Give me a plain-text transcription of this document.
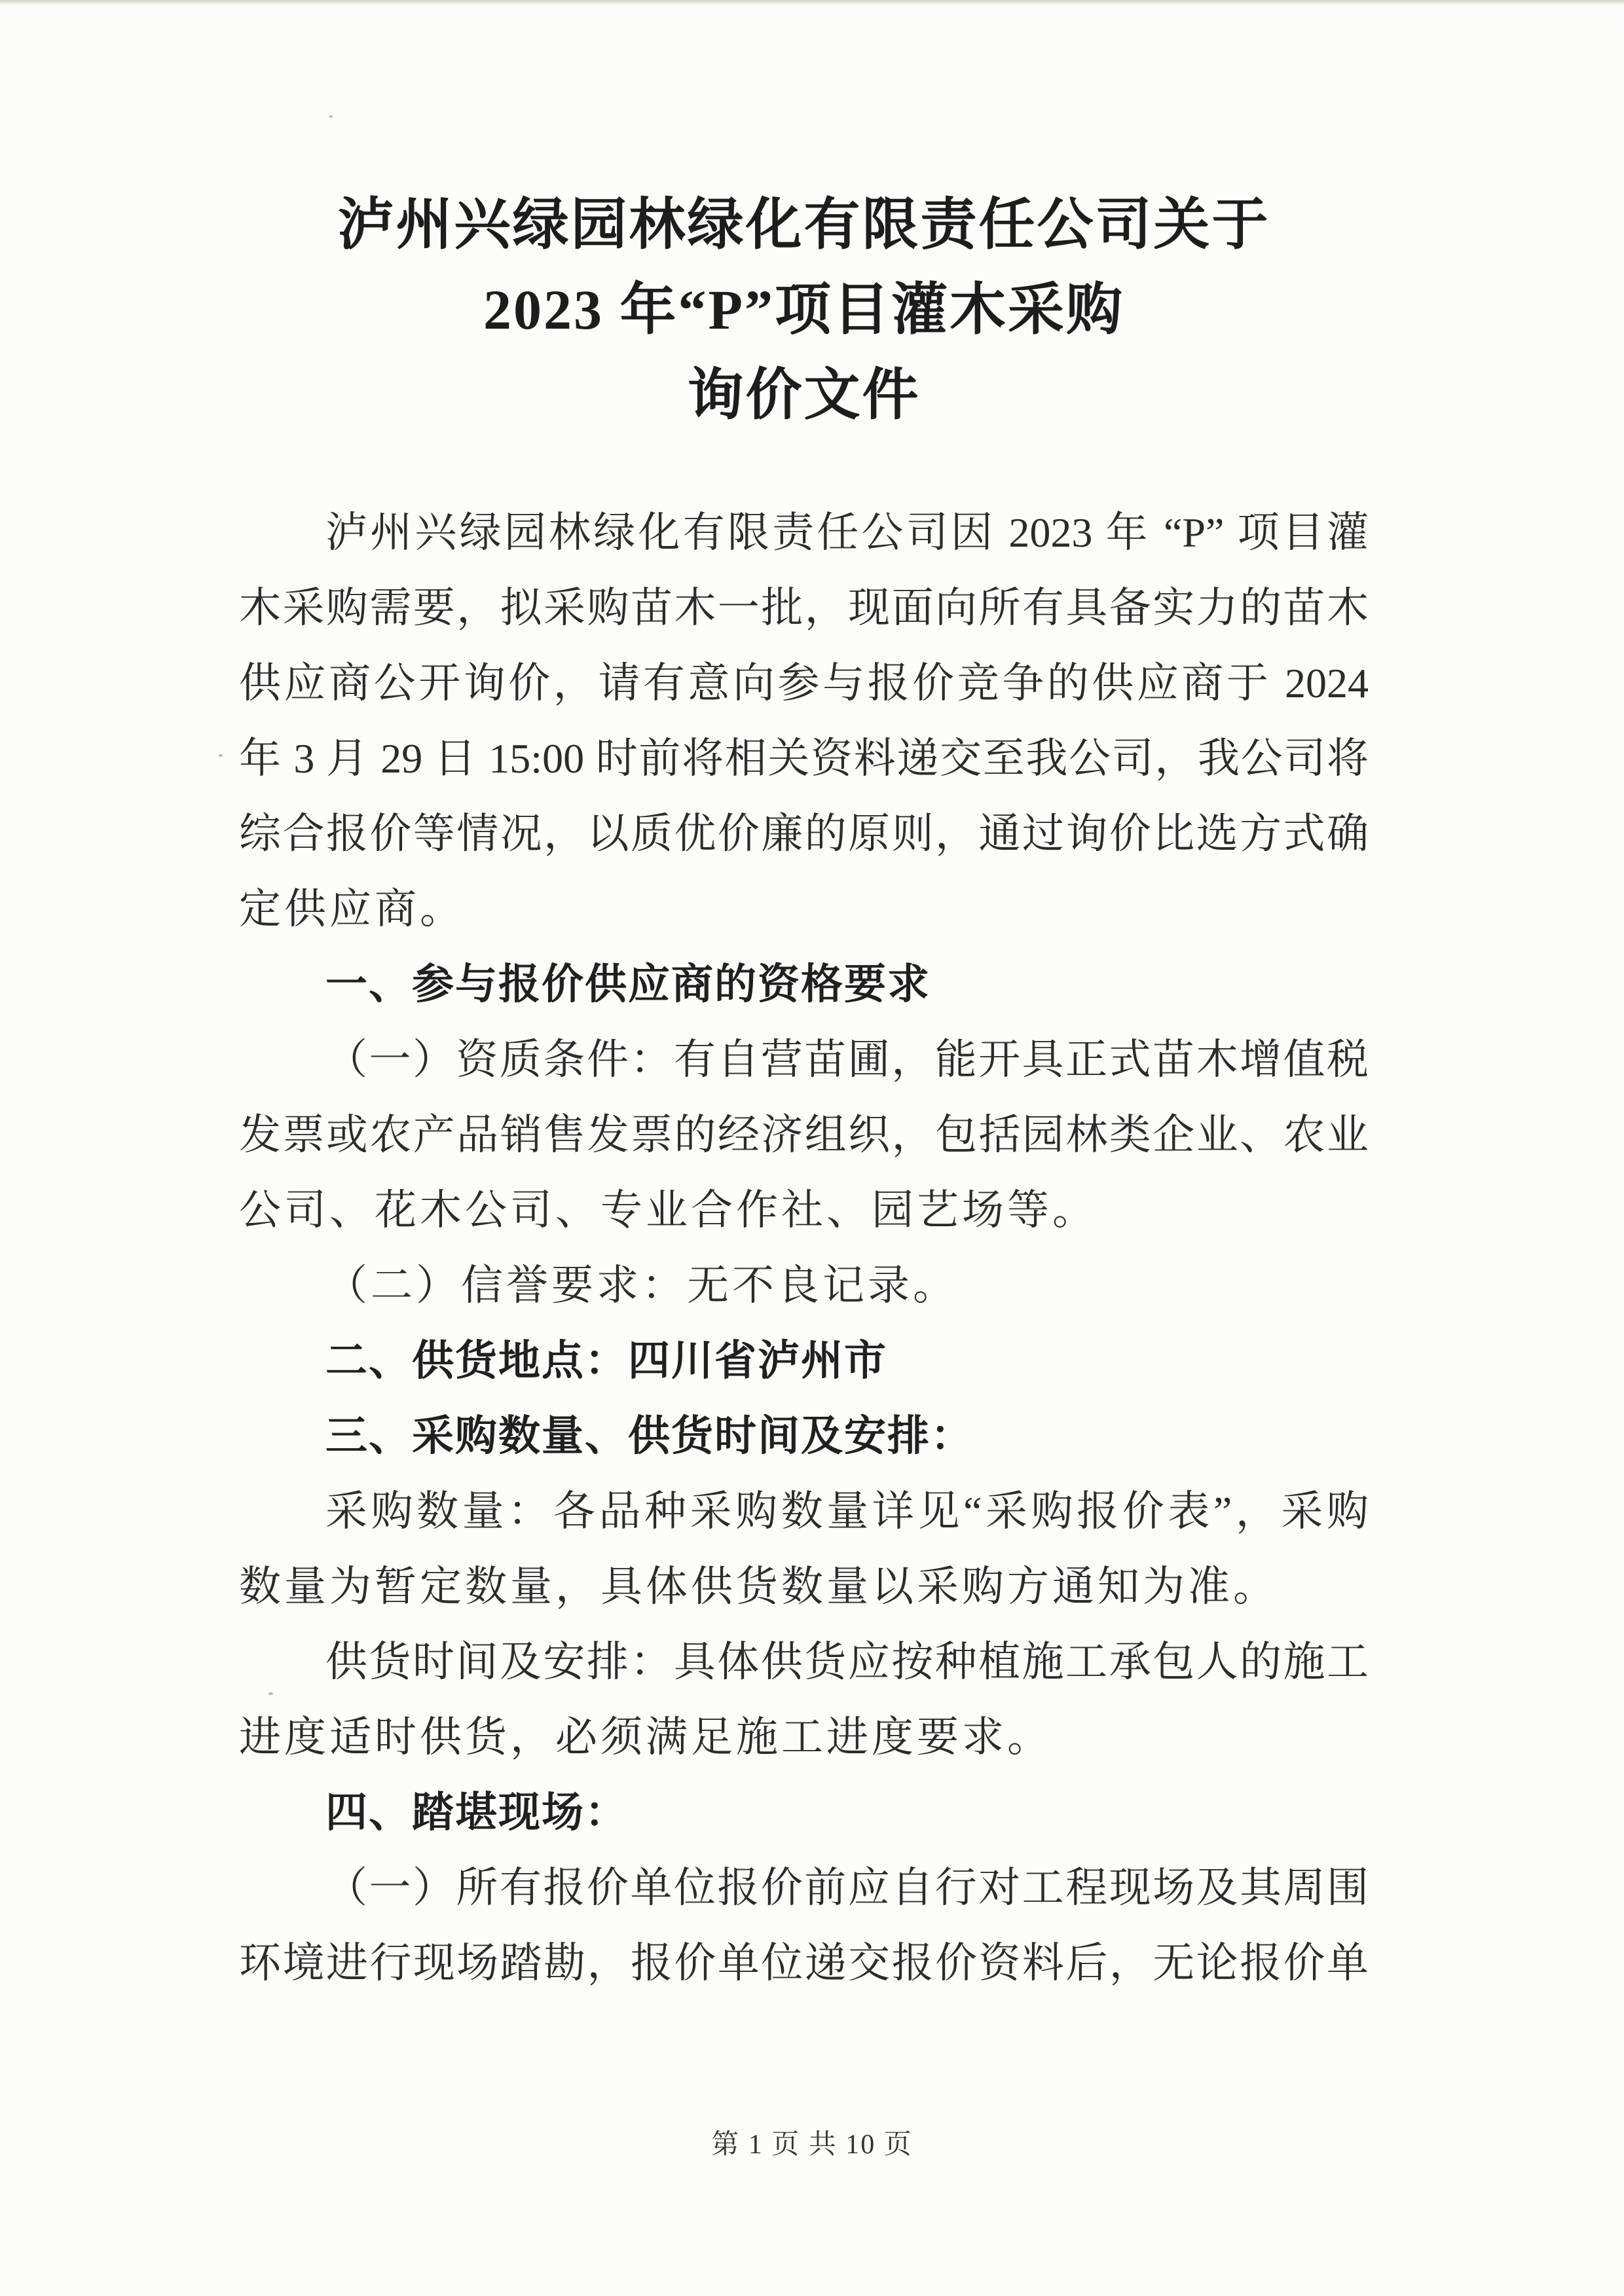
泸州兴绿园林绿化有限责任公司关于
2023 年“P”项目灌木采购
询价文件
泸州兴绿园林绿化有限责任公司因 2023 年 “P” 项目灌
木采购需要，拟采购苗木一批，现面向所有具备实力的苗木
供应商公开询价，请有意向参与报价竞争的供应商于 2024
年 3 月 29 日 15:00 时前将相关资料递交至我公司，我公司将
综合报价等情况，以质优价廉的原则，通过询价比选方式确
定供应商。
一、参与报价供应商的资格要求
（一）资质条件：有自营苗圃，能开具正式苗木增值税
发票或农产品销售发票的经济组织，包括园林类企业、农业
公司、花木公司、专业合作社、园艺场等。
（二）信誉要求：无不良记录。
二、供货地点：四川省泸州市
三、采购数量、供货时间及安排：
采购数量：各品种采购数量详见“采购报价表”，采购
数量为暂定数量，具体供货数量以采购方通知为准。
供货时间及安排：具体供货应按种植施工承包人的施工
进度适时供货，必须满足施工进度要求。
四、踏堪现场：
（一）所有报价单位报价前应自行对工程现场及其周围
环境进行现场踏勘，报价单位递交报价资料后，无论报价单
第 1 页 共 10 页
